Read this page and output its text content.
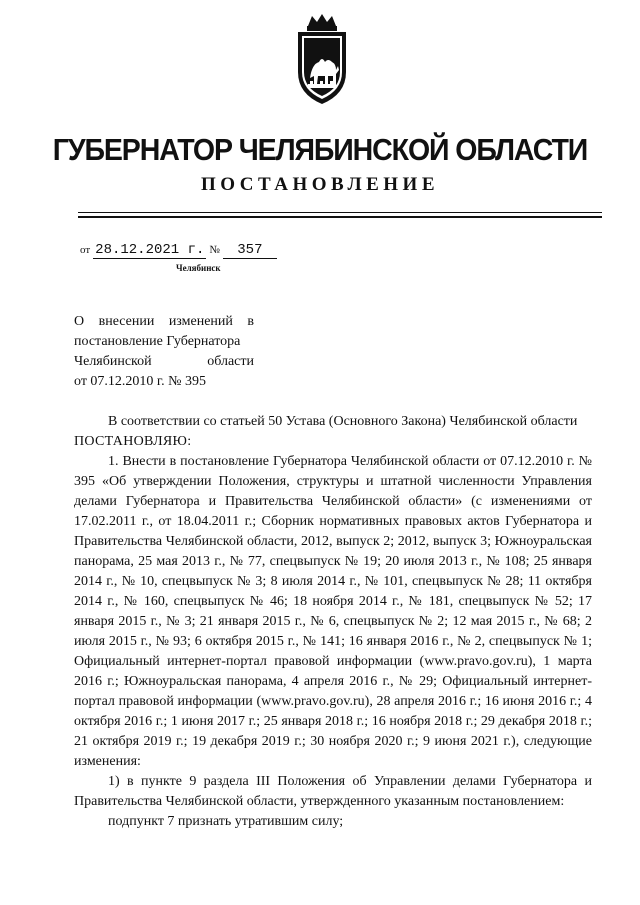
ГУБЕРНАТОР ЧЕЛЯБИНСКОЙ ОБЛАСТИ
ПОСТАНОВЛЕНИЕ
от 28.12.2021 г. № 357
Челябинск
О внесении изменений в
постановление Губернатора
Челябинской области
от 07.12.2010 г. № 395

В соответствии со статьей 50 Устава (Основного Закона) Челябинской области

ПОСТАНОВЛЯЮ:

1. Внести в постановление Губернатора Челябинской области от 07.12.2010 г. № 395 «Об утверждении Положения, структуры и штатной численности Управления делами Губернатора и Правительства Челябинской области» (с изменениями от 17.02.2011 г., от 18.04.2011 г.; Сборник нормативных правовых актов Губернатора и Правительства Челябинской области, 2012, выпуск 2; 2012, выпуск 3; Южноуральская панорама, 25 мая 2013 г., № 77, спецвыпуск № 19; 20 июля 2013 г., № 108; 25 января 2014 г., № 10, спецвыпуск № 3; 8 июля 2014 г., № 101, спецвыпуск № 28; 11 октября 2014 г., № 160, спецвыпуск № 46; 18 ноября 2014 г., № 181, спецвыпуск № 52; 17 января 2015 г., № 3; 21 января 2015 г., № 6, спецвыпуск № 2; 12 мая 2015 г., № 68; 2 июля 2015 г., № 93; 6 октября 2015 г., № 141; 16 января 2016 г., № 2, спецвыпуск № 1; Официальный интернет-портал правовой информации (www.pravo.gov.ru), 1 марта 2016 г.; Южноуральская панорама, 4 апреля 2016 г., № 29; Официальный интернет-портал правовой информации (www.pravo.gov.ru), 28 апреля 2016 г.; 16 июня 2016 г.; 4 октября 2016 г.; 1 июня 2017 г.; 25 января 2018 г.; 16 ноября 2018 г.; 29 декабря 2018 г.; 21 октября 2019 г.; 19 декабря 2019 г.; 30 ноября 2020 г.; 9 июня 2021 г.), следующие изменения:

1) в пункте 9 раздела III Положения об Управлении делами Губернатора и Правительства Челябинской области, утвержденного указанным постановлением:

подпункт 7 признать утратившим силу;
